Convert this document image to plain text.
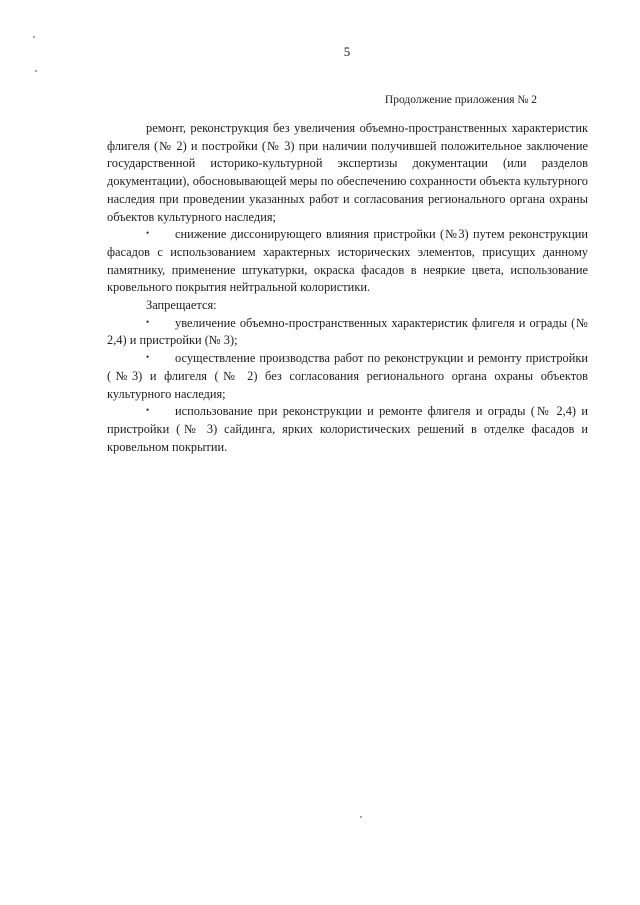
5
Продолжение приложения № 2

ремонт, реконструкция без увеличения объемно-пространственных характеристик флигеля (№ 2) и постройки (№ 3) при наличии получившей положительное заключение государственной историко-культурной экспертизы документации (или разделов документации), обосновывающей меры по обеспечению сохранности объекта культурного наследия при проведении указанных работ и согласования регионального органа охраны объектов культурного наследия;

• снижение диссонирующего влияния пристройки (№3) путем реконструкции фасадов с использованием характерных исторических элементов, присущих данному памятнику, применение штукатурки, окраска фасадов в неяркие цвета, использование кровельного покрытия нейтральной колористики.

Запрещается:

• увеличение объемно-пространственных характеристик флигеля и ограды (№ 2,4) и пристройки (№ 3);

• осуществление производства работ по реконструкции и ремонту пристройки (№3) и флигеля (№ 2) без согласования регионального органа охраны объектов культурного наследия;

• использование при реконструкции и ремонте флигеля и ограды (№ 2,4) и пристройки (№ 3) сайдинга, ярких колористических решений в отделке фасадов и кровельном покрытии.
